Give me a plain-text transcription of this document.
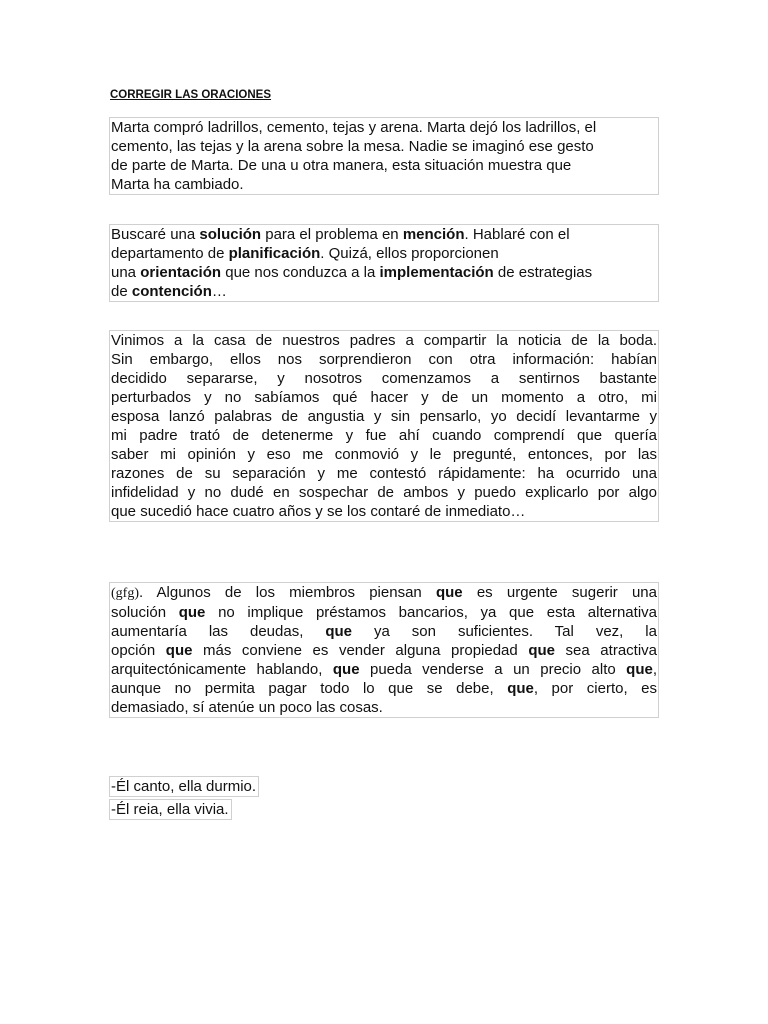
CORREGIR LAS ORACIONES
Marta compró ladrillos, cemento, tejas y arena. Marta dejó los ladrillos, el
cemento, las tejas y la arena sobre la mesa. Nadie se imaginó ese gesto
de parte de Marta. De una u otra manera, esta situación muestra que
Marta ha cambiado.
Buscaré una solución para el problema en mención. Hablaré con el
departamento de planificación. Quizá, ellos proporcionen
una orientación que nos conduzca a la implementación de estrategias
de contención…
Vinimos a la casa de nuestros padres a compartir la noticia de la boda.
Sin embargo, ellos nos sorprendieron con otra información: habían
decidido separarse, y nosotros comenzamos a sentirnos bastante
perturbados y no sabíamos qué hacer y de un momento a otro, mi
esposa lanzó palabras de angustia y sin pensarlo, yo decidí levantarme y
mi padre trató de detenerme y fue ahí cuando comprendí que quería
saber mi opinión y eso me conmovió y le pregunté, entonces, por las
razones de su separación y me contestó rápidamente: ha ocurrido una
infidelidad y no dudé en sospechar de ambos y puedo explicarlo por algo
que sucedió hace cuatro años y se los contaré de inmediato…
(gfg). Algunos de los miembros piensan que es urgente sugerir una
solución que no implique préstamos bancarios, ya que esta alternativa
aumentaría las deudas, que ya son suficientes. Tal vez, la
opción que más conviene es vender alguna propiedad que sea atractiva
arquitectónicamente hablando, que pueda venderse a un precio alto que,
aunque no permita pagar todo lo que se debe, que, por cierto, es
demasiado, sí atenúe un poco las cosas.
-Él canto, ella durmio.
-Él reia, ella vivia.
